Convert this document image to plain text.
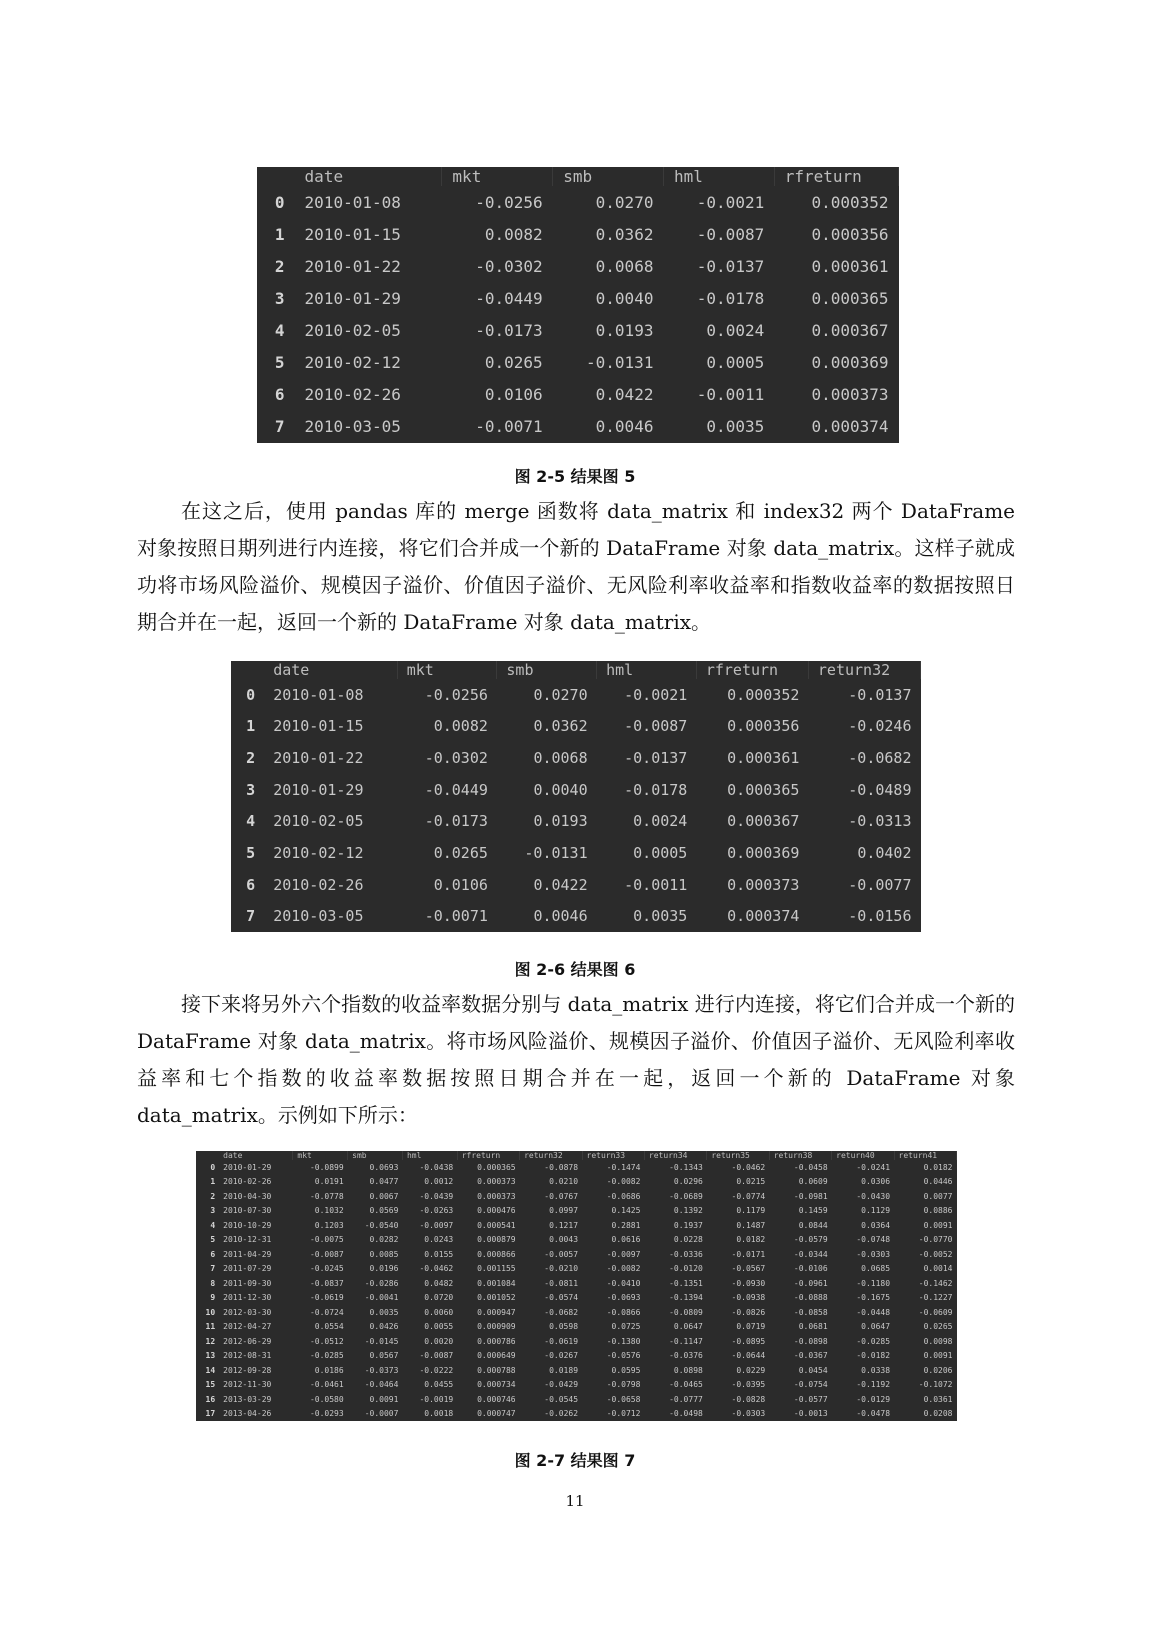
	date	mkt	smb	hml	rfreturn
0	2010-01-08	-0.0256	0.0270	-0.0021	0.000352
1	2010-01-15	0.0082	0.0362	-0.0087	0.000356
2	2010-01-22	-0.0302	0.0068	-0.0137	0.000361
3	2010-01-29	-0.0449	0.0040	-0.0178	0.000365
4	2010-02-05	-0.0173	0.0193	0.0024	0.000367
5	2010-02-12	0.0265	-0.0131	0.0005	0.000369
6	2010-02-26	0.0106	0.0422	-0.0011	0.000373
7	2010-03-05	-0.0071	0.0046	0.0035	0.000374
图 2-5 结果图 5

在这之后，使用 pandas 库的 merge 函数将 data_matrix 和 index32 两个 DataFrame 对象按照日期列进行内连接，将它们合并成一个新的 DataFrame 对象 data_matrix。这样子就成功将市场风险溢价、规模因子溢价、价值因子溢价、无风险利率收益率和指数收益率的数据按照日期合并在一起，返回一个新的 DataFrame 对象 data_matrix。

	date	mkt	smb	hml	rfreturn	return32
0	2010-01-08	-0.0256	0.0270	-0.0021	0.000352	-0.0137
1	2010-01-15	0.0082	0.0362	-0.0087	0.000356	-0.0246
2	2010-01-22	-0.0302	0.0068	-0.0137	0.000361	-0.0682
3	2010-01-29	-0.0449	0.0040	-0.0178	0.000365	-0.0489
4	2010-02-05	-0.0173	0.0193	0.0024	0.000367	-0.0313
5	2010-02-12	0.0265	-0.0131	0.0005	0.000369	0.0402
6	2010-02-26	0.0106	0.0422	-0.0011	0.000373	-0.0077
7	2010-03-05	-0.0071	0.0046	0.0035	0.000374	-0.0156
图 2-6 结果图 6

接下来将另外六个指数的收益率数据分别与 data_matrix 进行内连接，将它们合并成一个新的 DataFrame 对象 data_matrix。将市场风险溢价、规模因子溢价、价值因子溢价、无风险利率收益率和七个指数的收益率数据按照日期合并在一起，返回一个新的 DataFrame 对象 data_matrix。示例如下所示：

	date	mkt	smb	hml	rfreturn	return32	return33	return34	return35	return38	return40	return41
0	2010-01-29	-0.0899	0.0693	-0.0438	0.000365	-0.0878	-0.1474	-0.1343	-0.0462	-0.0458	-0.0241	0.0182
1	2010-02-26	0.0191	0.0477	0.0012	0.000373	0.0210	-0.0082	0.0296	0.0215	0.0609	0.0306	0.0446
2	2010-04-30	-0.0778	0.0067	-0.0439	0.000373	-0.0767	-0.0686	-0.0689	-0.0774	-0.0981	-0.0430	0.0077
3	2010-07-30	0.1032	0.0569	-0.0263	0.000476	0.0997	0.1425	0.1392	0.1179	0.1459	0.1129	0.0886
4	2010-10-29	0.1203	-0.0540	-0.0097	0.000541	0.1217	0.2881	0.1937	0.1487	0.0844	0.0364	0.0091
5	2010-12-31	-0.0075	0.0282	0.0243	0.000879	0.0043	0.0616	0.0228	0.0182	-0.0579	-0.0748	-0.0770
6	2011-04-29	-0.0087	0.0085	0.0155	0.000866	-0.0057	-0.0097	-0.0336	-0.0171	-0.0344	-0.0303	-0.0052
7	2011-07-29	-0.0245	0.0196	-0.0462	0.001155	-0.0210	-0.0082	-0.0120	-0.0567	-0.0106	0.0685	0.0014
8	2011-09-30	-0.0837	-0.0286	0.0482	0.001084	-0.0811	-0.0410	-0.1351	-0.0930	-0.0961	-0.1180	-0.1462
9	2011-12-30	-0.0619	-0.0041	0.0720	0.001052	-0.0574	-0.0693	-0.1394	-0.0938	-0.0888	-0.1675	-0.1227
10	2012-03-30	-0.0724	0.0035	0.0060	0.000947	-0.0682	-0.0866	-0.0809	-0.0826	-0.0858	-0.0448	-0.0609
11	2012-04-27	0.0554	0.0426	0.0055	0.000909	0.0598	0.0725	0.0647	0.0719	0.0681	0.0647	0.0265
12	2012-06-29	-0.0512	-0.0145	0.0020	0.000786	-0.0619	-0.1380	-0.1147	-0.0895	-0.0898	-0.0285	0.0098
13	2012-08-31	-0.0285	0.0567	-0.0087	0.000649	-0.0267	-0.0576	-0.0376	-0.0644	-0.0367	-0.0182	0.0091
14	2012-09-28	0.0186	-0.0373	-0.0222	0.000788	0.0189	0.0595	0.0898	0.0229	0.0454	0.0338	0.0206
15	2012-11-30	-0.0461	-0.0464	0.0455	0.000734	-0.0429	-0.0798	-0.0465	-0.0395	-0.0754	-0.1192	-0.1072
16	2013-03-29	-0.0580	0.0091	-0.0019	0.000746	-0.0545	-0.0658	-0.0777	-0.0828	-0.0577	-0.0129	0.0361
17	2013-04-26	-0.0293	-0.0007	0.0018	0.000747	-0.0262	-0.0712	-0.0498	-0.0303	-0.0013	-0.0478	0.0208
图 2-7 结果图 7
11
